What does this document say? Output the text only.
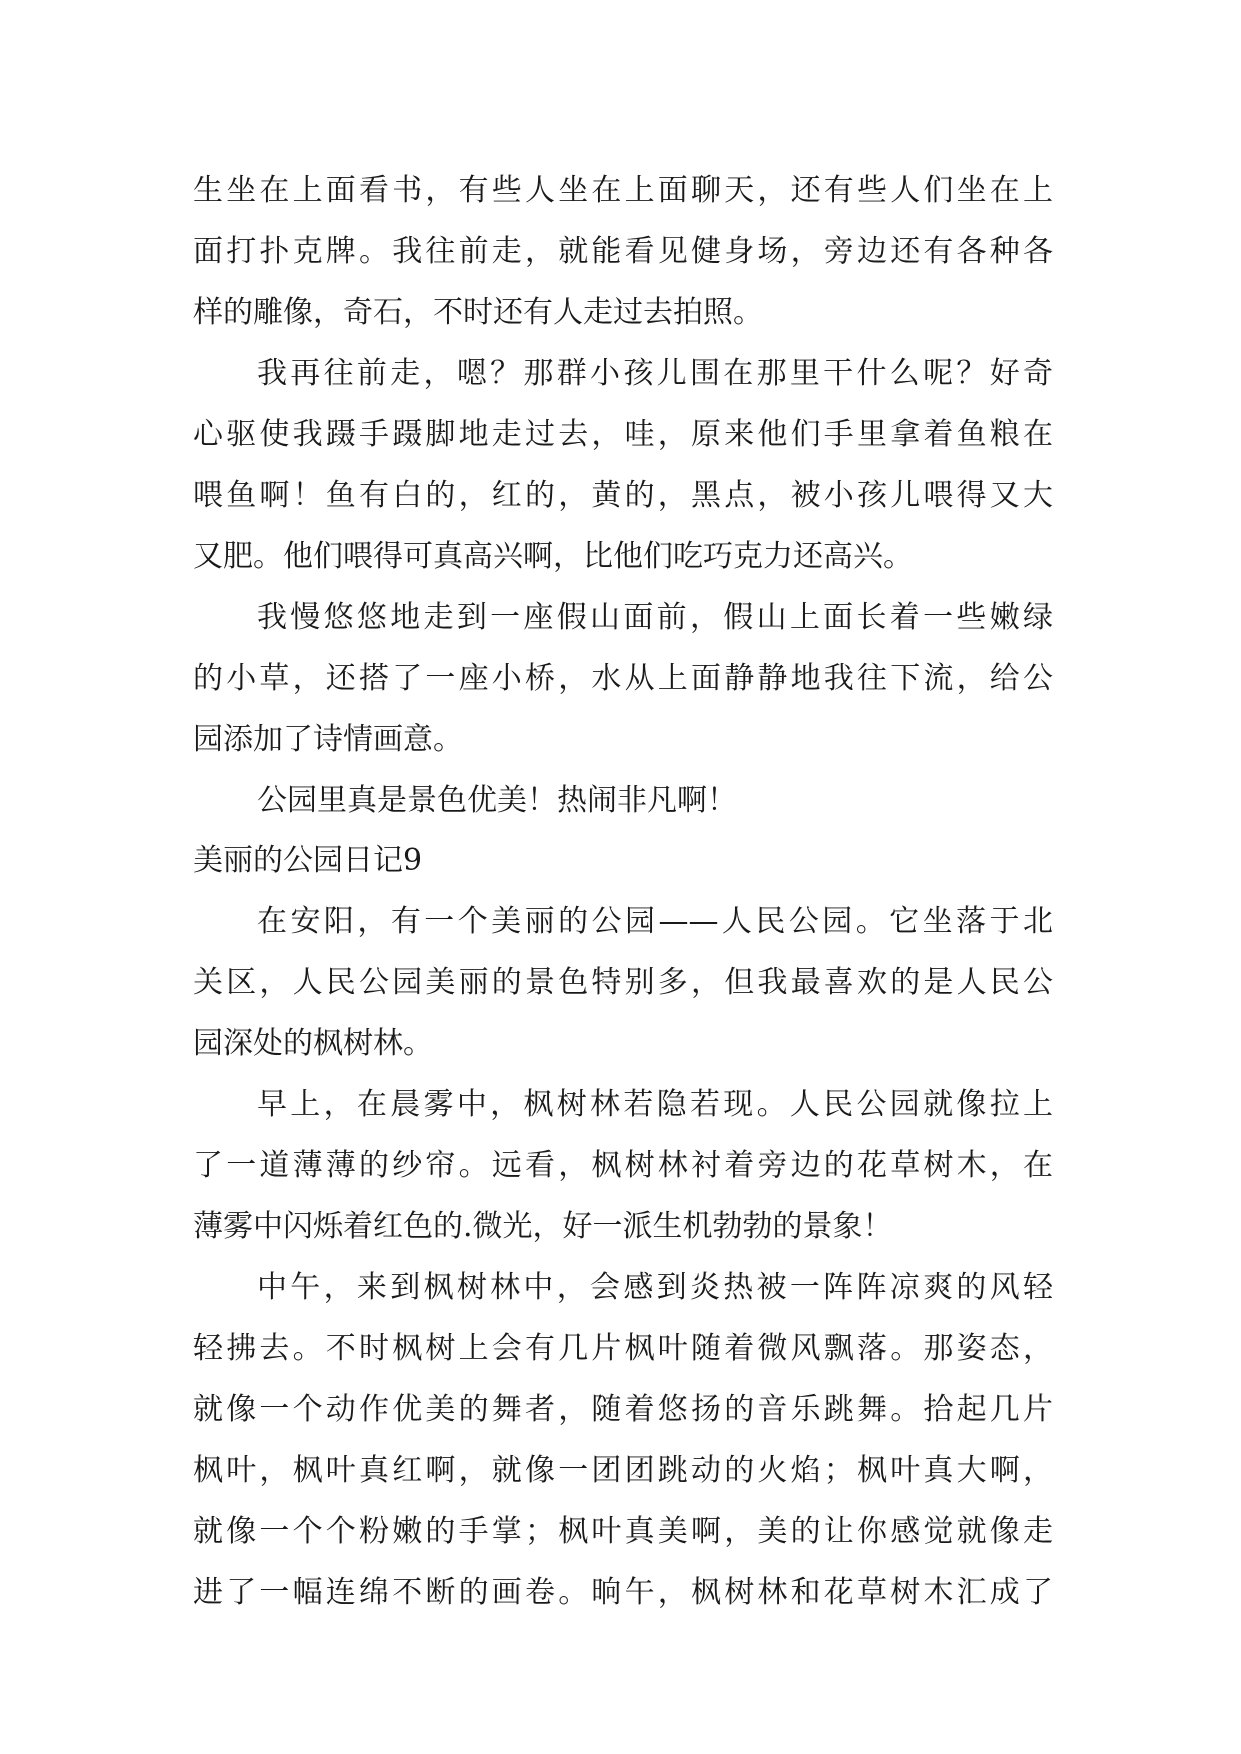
生坐在上面看书，有些人坐在上面聊天，还有些人们坐在上
面打扑克牌。我往前走，就能看见健身场，旁边还有各种各
样的雕像，奇石，不时还有人走过去拍照。
我再往前走，嗯？那群小孩儿围在那里干什么呢？好奇
心驱使我蹑手蹑脚地走过去，哇，原来他们手里拿着鱼粮在
喂鱼啊！鱼有白的，红的，黄的，黑点，被小孩儿喂得又大
又肥。他们喂得可真高兴啊，比他们吃巧克力还高兴。
我慢悠悠地走到一座假山面前，假山上面长着一些嫩绿
的小草，还搭了一座小桥，水从上面静静地我往下流，给公
园添加了诗情画意。
公园里真是景色优美！热闹非凡啊！
美丽的公园日记9
在安阳，有一个美丽的公园——人民公园。它坐落于北
关区，人民公园美丽的景色特别多，但我最喜欢的是人民公
园深处的枫树林。
早上，在晨雾中，枫树林若隐若现。人民公园就像拉上
了一道薄薄的纱帘。远看，枫树林衬着旁边的花草树木，在
薄雾中闪烁着红色的.微光，好一派生机勃勃的景象！
中午，来到枫树林中，会感到炎热被一阵阵凉爽的风轻
轻拂去。不时枫树上会有几片枫叶随着微风飘落。那姿态，
就像一个动作优美的舞者，随着悠扬的音乐跳舞。拾起几片
枫叶，枫叶真红啊，就像一团团跳动的火焰；枫叶真大啊，
就像一个个粉嫩的手掌；枫叶真美啊，美的让你感觉就像走
进了一幅连绵不断的画卷。晌午，枫树林和花草树木汇成了
